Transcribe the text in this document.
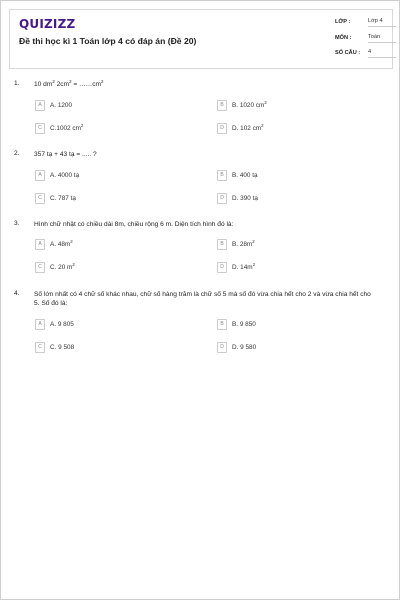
QUIZIZZ
Đề thi học kì 1 Toán lớp 4 có đáp án (Đề 20)
LỚP :	Lớp 4
MÔN :	Toán
SỐ CÂU : 4
1. 10 $dm^2$ $2cm^2$ = $\dots\dots cm^2$
A	A. 1200	B	B. 1020 $cm^2$
C	C.1002 $cm^2$	D	D. 102 $cm^2$
2. 357 tạ + 43 tạ = ..... ?
A	A. 4000 tạ	B	B. 400 tạ
C	C. 787 tạ	D	D. 390 tạ
3. Hình chữ nhật có chiều dài 8m, chiều rộng 6 m. Diện tích hình đó là:
A	A. $48m^2$	B	B. $28m^2$
C	C. 20 $m^2$	D	D. $14m^2$
4. Số lớn nhất có 4 chữ số khác nhau, chữ số hàng trăm là chữ số 5 mà số đó vừa chia hết cho 2 và vừa chia hết cho
5. Số đó là:
A	A. 9 805	B	B. 9 850
C	C. 9 508	D	D. 9 580
